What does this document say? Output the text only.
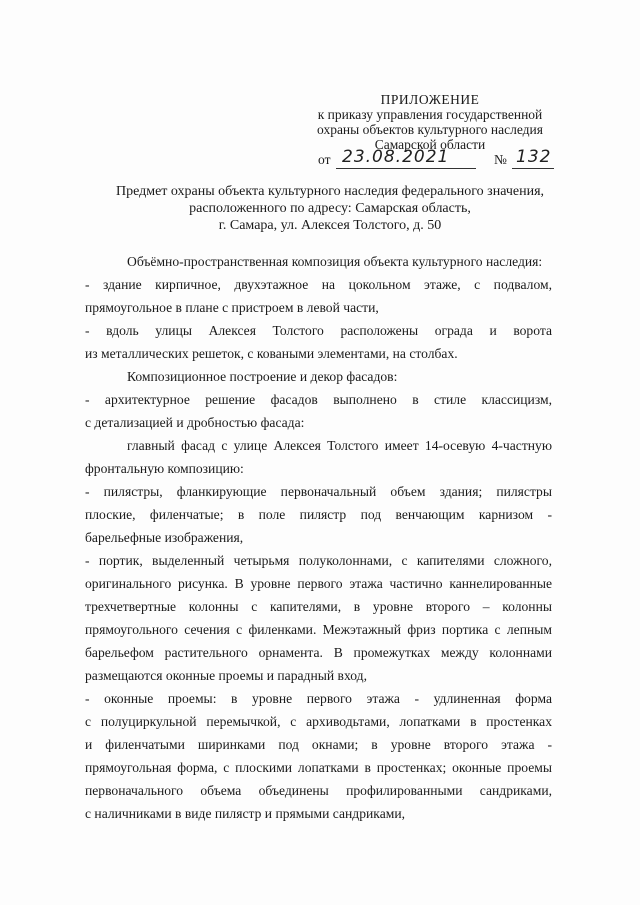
ПРИЛОЖЕНИЕ
к приказу управления государственной
охраны объектов культурного наследия
Самарской области
от 23.08.2021	№ 132
Предмет охраны объекта культурного наследия федерального значения,
расположенного по адресу: Самарская область,
г. Самара, ул. Алексея Толстого, д. 50
Объёмно-пространственная композиция объекта культурного наследия:
- здание кирпичное, двухэтажное на цокольном этаже, с подвалом,
прямоугольное в плане с пристроем в левой части,
- вдоль улицы Алексея Толстого расположены ограда и ворота
из металлических решеток, с коваными элементами, на столбах.
Композиционное построение и декор фасадов:
- архитектурное решение фасадов выполнено в стиле классицизм,
с детализацией и дробностью фасада:
главный фасад с улице Алексея Толстого имеет 14-осевую 4-частную
фронтальную композицию:
- пилястры, фланкирующие первоначальный объем здания; пилястры
плоские, филенчатые; в поле пилястр под венчающим карнизом -
барельефные изображения,
- портик, выделенный четырьмя полуколоннами, с капителями сложного,
оригинального рисунка. В уровне первого этажа частично каннелированные
трехчетвертные колонны с капителями, в уровне второго – колонны
прямоугольного сечения с филенками. Межэтажный фриз портика с лепным
барельефом растительного орнамента. В промежутках между колоннами
размещаются оконные проемы и парадный вход,
- оконные проемы: в уровне первого этажа - удлиненная форма
с полуциркульной перемычкой, с архиводьтами, лопатками в простенках
и филенчатыми ширинками под окнами; в уровне второго этажа -
прямоугольная форма, с плоскими лопатками в простенках; оконные проемы
первоначального объема объединены профилированными сандриками,
с наличниками в виде пилястр и прямыми сандриками,
